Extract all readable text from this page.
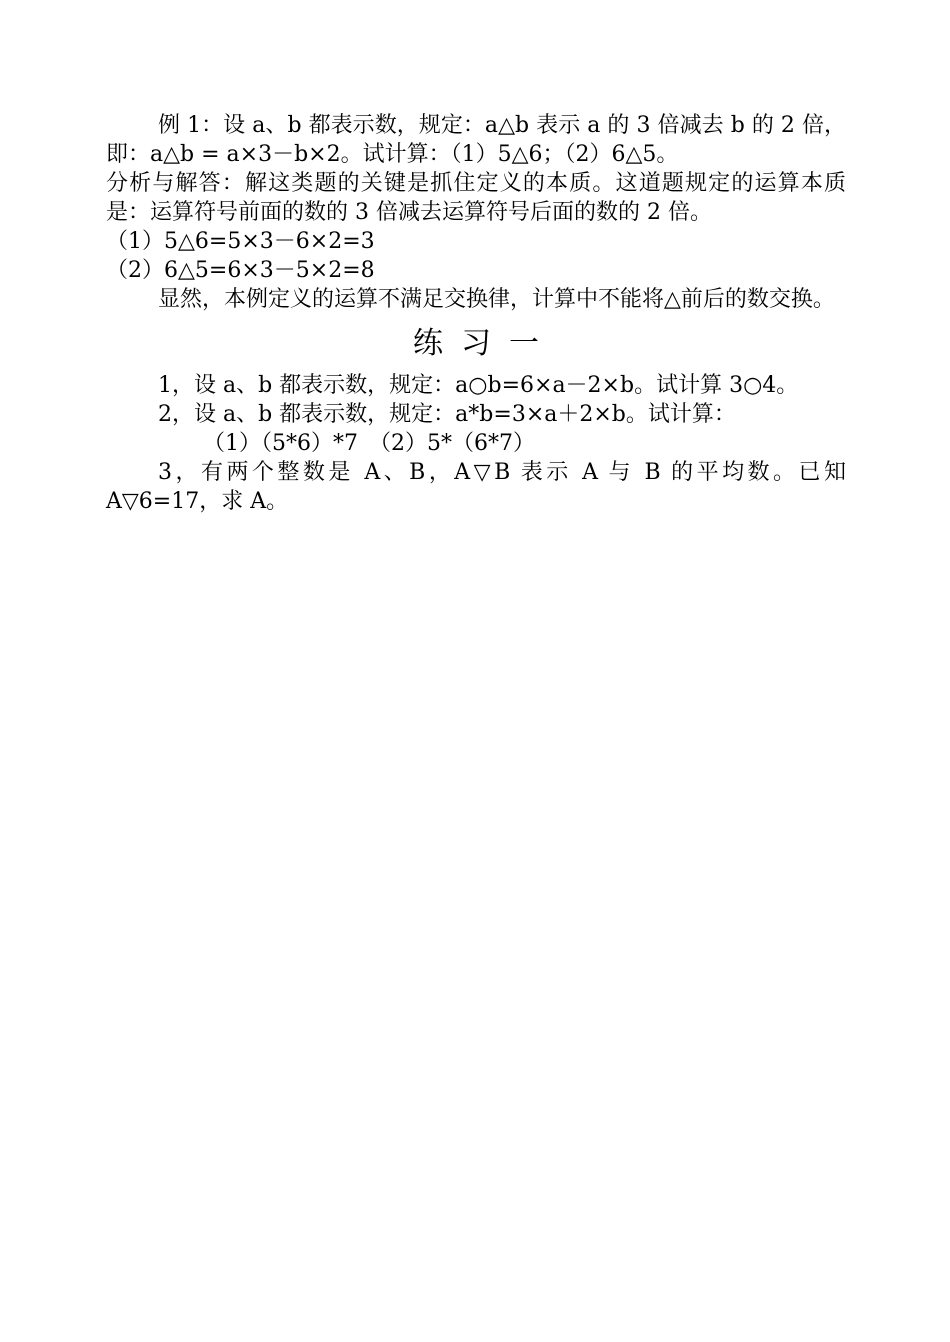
例 1：设 a、b 都表示数，规定：a△b 表示 a 的 3 倍减去 b 的 2 倍，即：a△b = a×3－b×2。试计算：（1）5△6；（2）6△5。

分析与解答：解这类题的关键是抓住定义的本质。这道题规定的运算本质是：运算符号前面的数的 3 倍减去运算符号后面的数的 2 倍。

（1）5△6=5×3－6×2=3

（2）6△5=6×3－5×2=8

显然，本例定义的运算不满足交换律，计算中不能将△前后的数交换。

练习一

1，设 a、b 都表示数，规定：a○b=6×a－2×b。试计算 3○4。

2，设 a、b 都表示数，规定：a*b=3×a＋2×b。试计算：

（1）（5*6）*7　（2）5*（6*7）

3，有两个整数是 A、B，A▽B 表示 A 与 B 的平均数。已知 A▽6=17，求 A。
